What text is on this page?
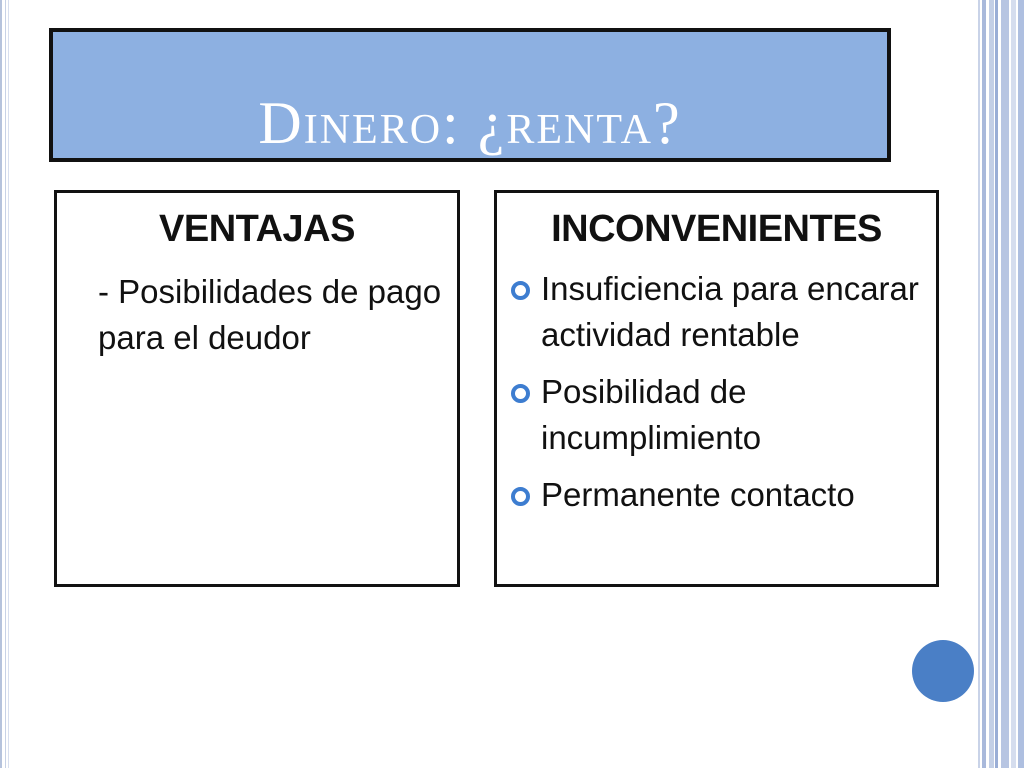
Dinero: ¿renta?
VENTAJAS
- Posibilidades de pago para el deudor
INCONVENIENTES
Insuficiencia para encarar actividad rentable
Posibilidad de incumplimiento
Permanente contacto
